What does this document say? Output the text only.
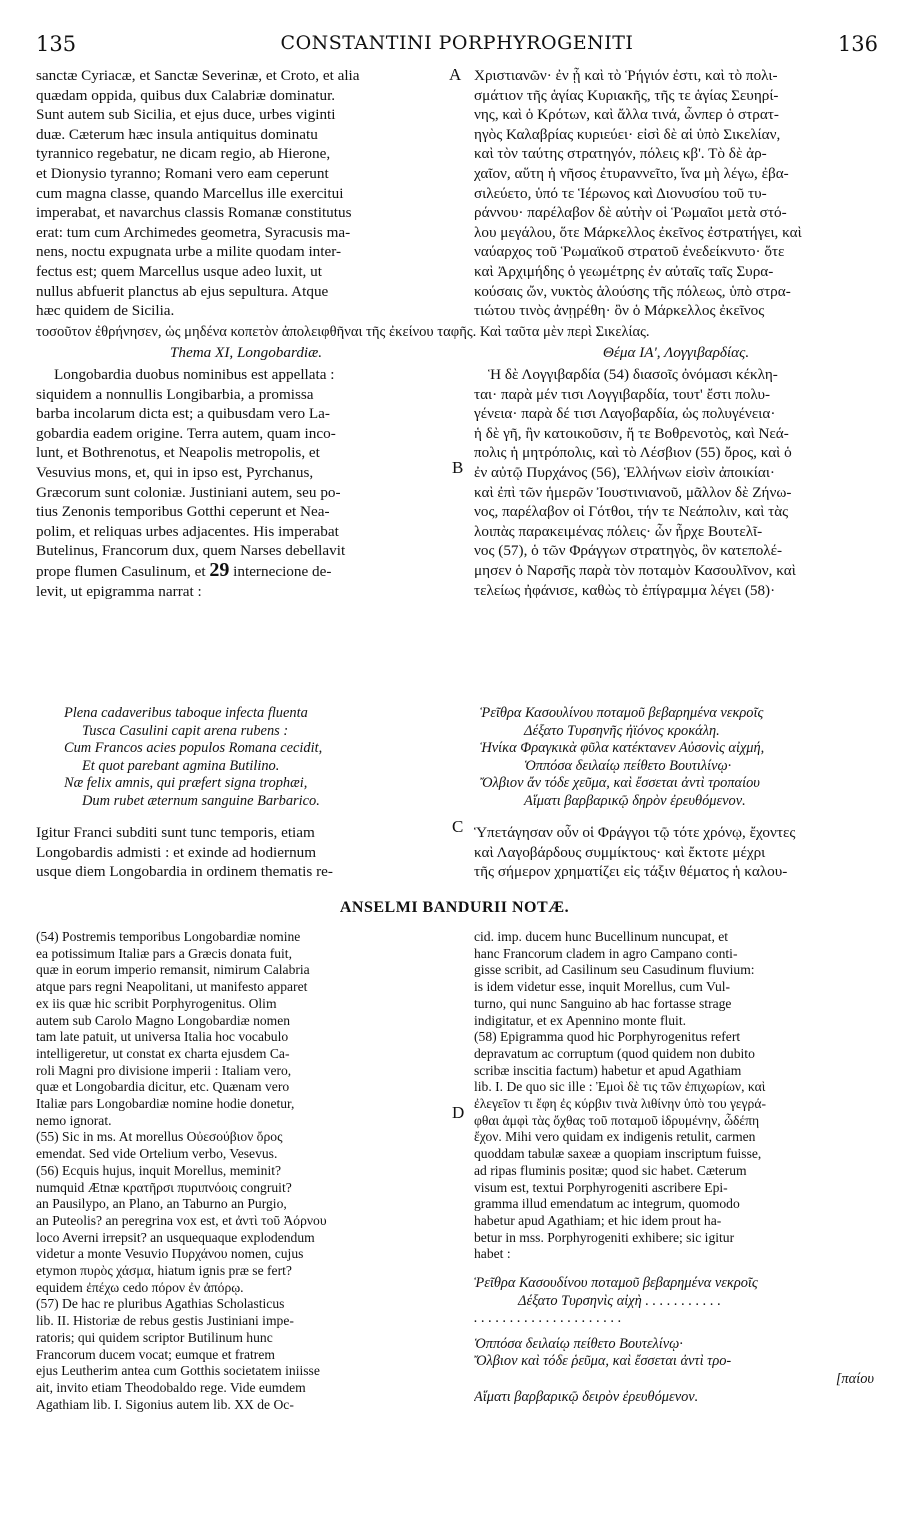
135	CONSTANTINI PORPHYROGENITI	136
A
B
C
D
sanctæ Cyriacæ, et Sanctæ Severinæ, et Croto, et alia
quædam oppida, quibus dux Calabriæ dominatur.
Sunt autem sub Sicilia, et ejus duce, urbes viginti
duæ. Cæterum hæc insula antiquitus dominatu
tyrannico regebatur, ne dicam regio, ab Hierone,
et Dionysio tyranno; Romani vero eam ceperunt
cum magna classe, quando Marcellus ille exercitui
imperabat, et navarchus classis Romanæ constitutus
erat: tum cum Archimedes geometra, Syracusis ma-
nens, noctu expugnata urbe a milite quodam inter-
fectus est; quem Marcellus usque adeo luxit, ut
nullus abfuerit planctus ab ejus sepultura. Atque
hæc quidem de Sicilia.
Χριστιανῶν· ἐν ᾗ καὶ τὸ Ῥήγιόν ἐστι, καὶ τὸ πολι-
σμάτιον τῆς ἁγίας Κυριακῆς, τῆς τε ἁγίας Σευηρί-
νης, καὶ ὁ Κρότων, καὶ ἄλλα τινά, ὧνπερ ὁ στρατ-
ηγὸς Καλαβρίας κυριεύει· εἰσὶ δὲ αἱ ὑπὸ Σικελίαν,
καὶ τὸν ταύτης στρατηγόν, πόλεις κβ'. Τὸ δὲ ἀρ-
χαῖον, αὕτη ἡ νῆσος ἐτυραννεῖτο, ἵνα μὴ λέγω, ἐβα-
σιλεύετο, ὑπό τε Ἱέρωνος καὶ Διονυσίου τοῦ τυ-
ράννου· παρέλαβον δὲ αὐτὴν οἱ Ῥωμαῖοι μετὰ στό-
λου μεγάλου, ὅτε Μάρκελλος ἐκεῖνος ἐστρατήγει, καὶ
ναύαρχος τοῦ Ῥωμαϊκοῦ στρατοῦ ἐνεδείκνυτο· ὅτε
καὶ Ἀρχιμήδης ὁ γεωμέτρης ἐν αὐταῖς ταῖς Συρα-
κούσαις ὤν, νυκτὸς ἁλούσης τῆς πόλεως, ὑπὸ στρα-
τιώτου τινὸς ἀνῃρέθη· ὃν ὁ Μάρκελλος ἐκεῖνος
τοσοῦτον ἐθρήνησεν, ὡς μηδένα κοπετὸν ἀπολειφθῆναι τῆς ἐκείνου ταφῆς. Καὶ ταῦτα μὲν περὶ Σικελίας.
Thema XI, Longobardiæ.	Θέμα ΙΑ', Λογγιβαρδίας.
Longobardia duobus nominibus est appellata :
siquidem a nonnullis Longibarbia, a promissa
barba incolarum dicta est; a quibusdam vero La-
gobardia eadem origine. Terra autem, quam inco-
lunt, et Bothrenotus, et Neapolis metropolis, et
Vesuvius mons, et, qui in ipso est, Pyrchanus,
Græcorum sunt coloniæ. Justiniani autem, seu po-
tius Zenonis temporibus Gotthi ceperunt et Nea-
polim, et reliquas urbes adjacentes. His imperabat
Butelinus, Francorum dux, quem Narses debellavit
prope flumen Casulinum, et 29 internecione de-
levit, ut epigramma narrat :
Ἡ δὲ Λογγιβαρδία (54) διασοῖς ὀνόμασι κέκλη-
ται· παρὰ μέν τισι Λογγιβαρδία, τουτ' ἔστι πολυ-
γένεια· παρὰ δέ τισι Λαγοβαρδία, ὡς πολυγένεια·
ἡ δὲ γῆ, ἣν κατοικοῦσιν, ἥ τε Βοθρενοτὸς, καὶ Νεά-
πολις ἡ μητρόπολις, καὶ τὸ Λέσβιον (55) ὄρος, καὶ ὁ
ἐν αὐτῷ Πυρχάνος (56), Ἑλλήνων εἰσὶν ἀποικίαι·
καὶ ἐπὶ τῶν ἡμερῶν Ἰουστινιανοῦ, μᾶλλον δὲ Ζήνω-
νος, παρέλαβον οἱ Γότθοι, τήν τε Νεάπολιν, καὶ τὰς
λοιπὰς παρακειμένας πόλεις· ὧν ἦρχε Βουτελῖ-
νος (57), ὁ τῶν Φράγγων στρατηγὸς, ὃν κατεπολέ-
μησεν ὁ Ναρσῆς παρὰ τὸν ποταμὸν Κασουλῖνον, καὶ
τελείως ἠφάνισε, καθὼς τὸ ἐπίγραμμα λέγει (58)·
Plena cadaveribus taboque infecta fluenta
Tusca Casulini capit arena rubens :
Cum Francos acies populos Romana cecidit,
Et quot parebant agmina Butilino.
Næ felix amnis, qui præfert signa trophæi,
Dum rubet æternum sanguine Barbarico.
Ῥεῖθρα Κασουλίνου ποταμοῦ βεβαρημένα νεκροῖς
Δέξατο Τυρσηνῆς ἠϊόνος κροκάλη.
Ἡνίκα Φραγκικὰ φῦλα κατέκτανεν Αὐσονὶς αἰχμή,
Ὁππόσα δειλαίῳ πείθετο Βουτιλίνῳ·
Ὄλβιον ἄν τόδε χεῦμα, καὶ ἔσσεται ἀντὶ τροπαίου
Αἵματι βαρβαρικῷ δηρὸν ἐρευθόμενον.
Igitur Franci subditi sunt tunc temporis, etiam
Longobardis admisti : et exinde ad hodiernum
usque diem Longobardia in ordinem thematis re-
Ὑπετάγησαν οὖν οἱ Φράγγοι τῷ τότε χρόνῳ, ἔχοντες
καὶ Λαγοβάρδους συμμίκτους· καὶ ἔκτοτε μέχρι
τῆς σήμερον χρηματίζει εἰς τάξιν θέματος ἡ καλου-
ANSELMI BANDURII NOTÆ.
(54) Postremis temporibus Longobardiæ nomine
ea potissimum Italiæ pars a Græcis donata fuit,
quæ in eorum imperio remansit, nimirum Calabria
atque pars regni Neapolitani, ut manifesto apparet
ex iis quæ hic scribit Porphyrogenitus. Olim
autem sub Carolo Magno Longobardiæ nomen
tam late patuit, ut universa Italia hoc vocabulo
intelligeretur, ut constat ex charta ejusdem Ca-
roli Magni pro divisione imperii : Italiam vero,
quæ et Longobardia dicitur, etc. Quænam vero
Italiæ pars Longobardiæ nomine hodie donetur,
nemo ignorat.
(55) Sic in ms. At morellus Οὐεσούβιον ὄρος
emendat. Sed vide Ortelium verbo, Vesevus.
(56) Ecquis hujus, inquit Morellus, meminit?
numquid Ætnæ κρατῆρσι πυριπνόοις congruit?
an Pausilypo, an Plano, an Taburno an Purgio,
an Puteolis? an peregrina vox est, et ἀντὶ τοῦ Ἀόρνου
loco Averni irrepsit? an usquequaque explodendum
videtur a monte Vesuvio Πυρχάνου nomen, cujus
etymon πυρὸς χάσμα, hiatum ignis præ se fert?
equidem ἐπέχω cedo πόρον ἐν ἀπόρῳ.
(57) De hac re pluribus Agathias Scholasticus
lib. II. Historiæ de rebus gestis Justiniani impe-
ratoris; qui quidem scriptor Butilinum hunc
Francorum ducem vocat; eumque et fratrem
ejus Leutherim antea cum Gotthis societatem iniisse
ait, invito etiam Theodobaldo rege. Vide eumdem
Agathiam lib. I. Sigonius autem lib. XX de Oc-
cid. imp. ducem hunc Bucellinum nuncupat, et
hanc Francorum cladem in agro Campano conti-
gisse scribit, ad Casilinum seu Casudinum fluvium:
is idem videtur esse, inquit Morellus, cum Vul-
turno, qui nunc Sanguino ab hac fortasse strage
indigitatur, et ex Apennino monte fluit.
(58) Epigramma quod hic Porphyrogenitus refert
depravatum ac corruptum (quod quidem non dubito
scribæ inscitia factum) habetur et apud Agathiam
lib. I. De quo sic ille : Ἐμοὶ δὲ τις τῶν ἐπιχωρίων, καὶ
ἐλεγεῖον τι ἔφη ἐς κύρβιν τινὰ λιθίνην ὑπὸ του γεγρά-
φθαι ἀμφὶ τὰς ὄχθας τοῦ ποταμοῦ ἱδρυμένην, ὧδέπη
ἔχον. Mihi vero quidam ex indigenis retulit, carmen
quoddam tabulæ saxeæ a quopiam inscriptum fuisse,
ad ripas fluminis positæ; quod sic habet. Cæterum
visum est, textui Porphyrogeniti ascribere Epi-
gramma illud emendatum ac integrum, quomodo
habetur apud Agathiam; et hic idem prout ha-
betur in mss. Porphyrogeniti exhibere; sic igitur
habet :
Ῥεῖθρα Κασουδίνου ποταμοῦ βεβαρημένα νεκροῖς
Δέξατο Τυρσηνὶς αἰχὴ . . . . . . . . . . .
. . . . . . . . . . . . . . . . . . . . .
Ὁππόσα δειλαίῳ πείθετο Βουτελίνῳ·
Ὄλβιον καὶ τόδε ῥεῦμα, καὶ ἔσσεται ἀντὶ τρο-
[παίου
Αἵματι βαρβαρικῷ δειρὸν ἐρευθόμενον.
